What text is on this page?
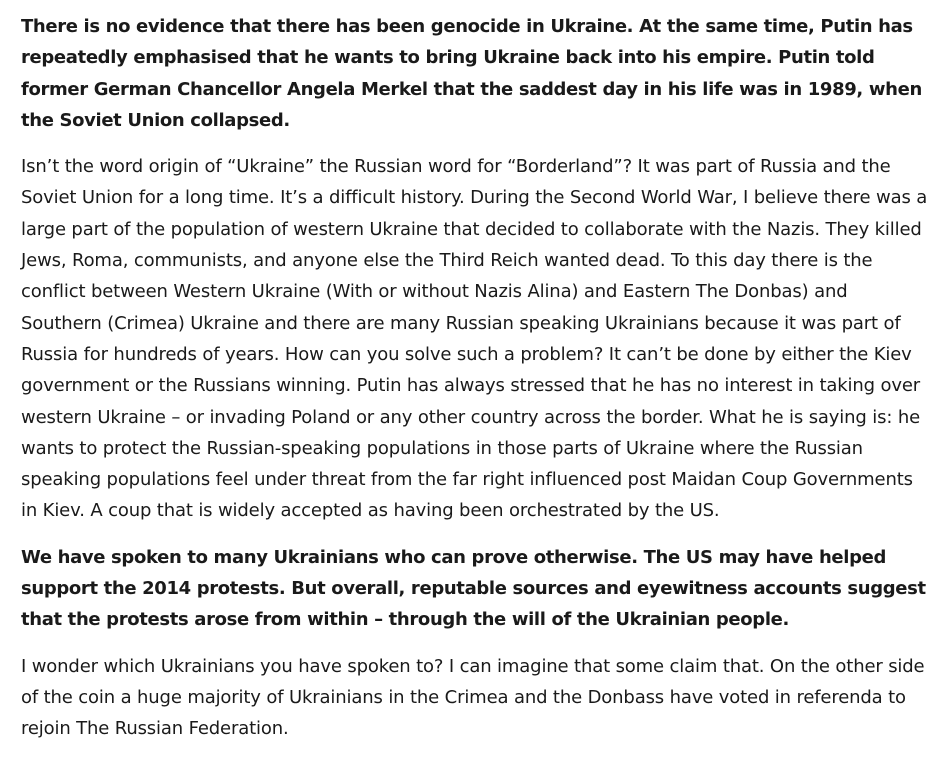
There is no evidence that there has been genocide in Ukraine. At the same time, Putin has repeatedly emphasised that he wants to bring Ukraine back into his empire. Putin told former German Chancellor Angela Merkel that the saddest day in his life was in 1989, when the Soviet Union collapsed.

Isn’t the word origin of “Ukraine” the Russian word for “Borderland”? It was part of Russia and the Soviet Union for a long time. It’s a difficult history. During the Second World War, I believe there was a large part of the population of western Ukraine that decided to collaborate with the Nazis. They killed Jews, Roma, communists, and anyone else the Third Reich wanted dead. To this day there is the conflict between Western Ukraine (With or without Nazis Alina) and Eastern The Donbas) and Southern (Crimea) Ukraine and there are many Russian speaking Ukrainians because it was part of Russia for hundreds of years. How can you solve such a problem? It can’t be done by either the Kiev government or the Russians winning. Putin has always stressed that he has no interest in taking over western Ukraine – or invading Poland or any other country across the border. What he is saying is: he wants to protect the Russian-speaking populations in those parts of Ukraine where the Russian speaking populations feel under threat from the far right influenced post Maidan Coup Governments in Kiev. A coup that is widely accepted as having been orchestrated by the US.

We have spoken to many Ukrainians who can prove otherwise. The US may have helped support the 2014 protests. But overall, reputable sources and eyewitness accounts suggest that the protests arose from within – through the will of the Ukrainian people.

I wonder which Ukrainians you have spoken to? I can imagine that some claim that. On the other side of the coin a huge majority of Ukrainians in the Crimea and the Donbass have voted in referenda to rejoin The Russian Federation.
